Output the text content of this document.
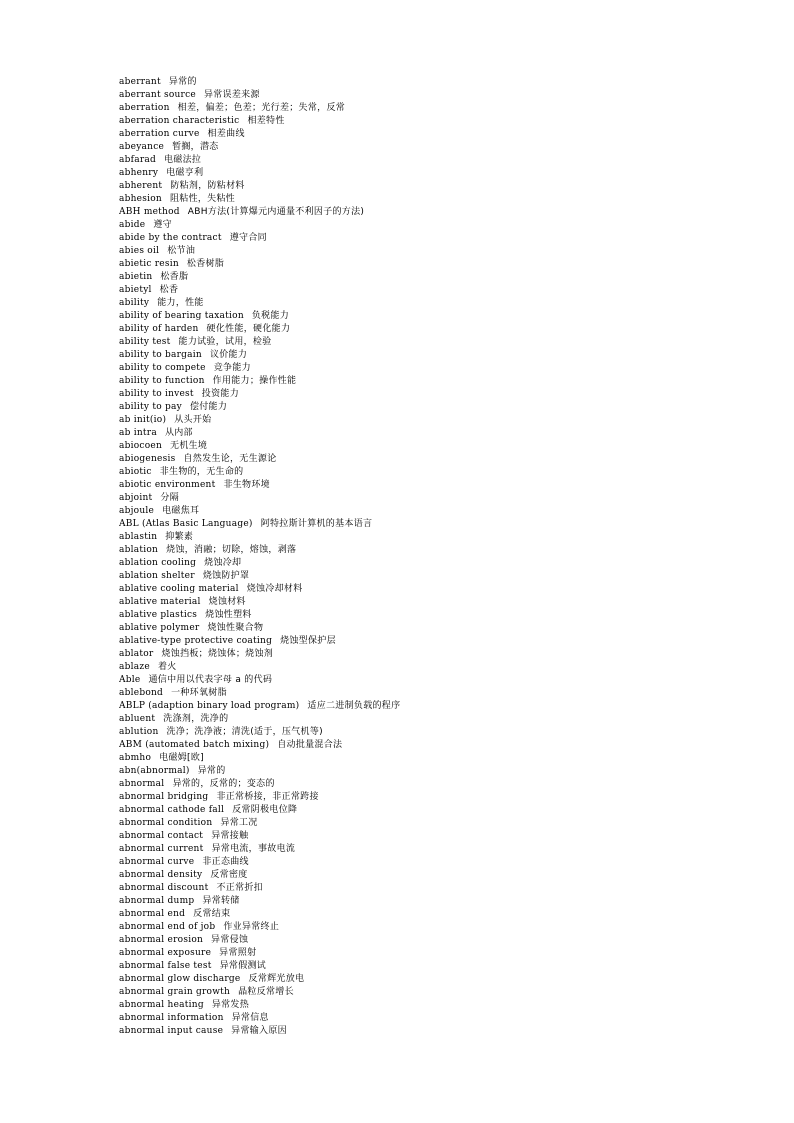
aberrant 异常的
aberrant source 异常误差来源
aberration 相差，偏差；色差；光行差；失常，反常
aberration characteristic 相差特性
aberration curve 相差曲线
abeyance 暂搁，潜态
abfarad 电磁法拉
abhenry 电磁亨利
abherent 防粘剂，防粘材料
abhesion 阻粘性，失粘性
ABH method ABH方法(计算爆元内通量不利因子的方法)
abide 遵守
abide by the contract 遵守合同
abies oil 松节油
abietic resin 松香树脂
abietin 松香脂
abietyl 松香
ability 能力，性能
ability of bearing taxation 负税能力
ability of harden 硬化性能，硬化能力
ability test 能力试验，试用，检验
ability to bargain 议价能力
ability to compete 竞争能力
ability to function 作用能力；操作性能
ability to invest 投资能力
ability to pay 偿付能力
ab init(io) 从头开始
ab intra 从内部
abiocoen 无机生境
abiogenesis 自然发生论，无生源论
abiotic 非生物的，无生命的
abiotic environment 非生物环境
abjoint 分隔
abjoule 电磁焦耳
ABL (Atlas Basic Language) 阿特拉斯计算机的基本语言
ablastin 抑繁素
ablation 烧蚀，消融；切除，熔蚀，剥落
ablation cooling 烧蚀冷却
ablation shelter 烧蚀防护罩
ablative cooling material 烧蚀冷却材料
ablative material 烧蚀材料
ablative plastics 烧蚀性塑料
ablative polymer 烧蚀性聚合物
ablative-type protective coating 烧蚀型保护层
ablator 烧蚀挡板；烧蚀体；烧蚀剂
ablaze 着火
Able 通信中用以代表字母 a 的代码
ablebond 一种环氧树脂
ABLP (adaption binary load program) 适应二进制负载的程序
abluent 洗涤剂，洗净的
ablution 洗净；洗净液；清洗(适于，压气机等)
ABM (automated batch mixing) 自动批量混合法
abmho 电磁姆[欧]
abn(abnormal) 异常的
abnormal 异常的，反常的；变态的
abnormal bridging 非正常桥接，非正常跨接
abnormal cathode fall 反常阴极电位降
abnormal condition 异常工况
abnormal contact 异常接触
abnormal current 异常电流，事故电流
abnormal curve 非正态曲线
abnormal density 反常密度
abnormal discount 不正常折扣
abnormal dump 异常转储
abnormal end 反常结束
abnormal end of job 作业异常终止
abnormal erosion 异常侵蚀
abnormal exposure 异常照射
abnormal false test 异常假测试
abnormal glow discharge 反常辉光放电
abnormal grain growth 晶粒反常增长
abnormal heating 异常发热
abnormal information 异常信息
abnormal input cause 异常输入原因
